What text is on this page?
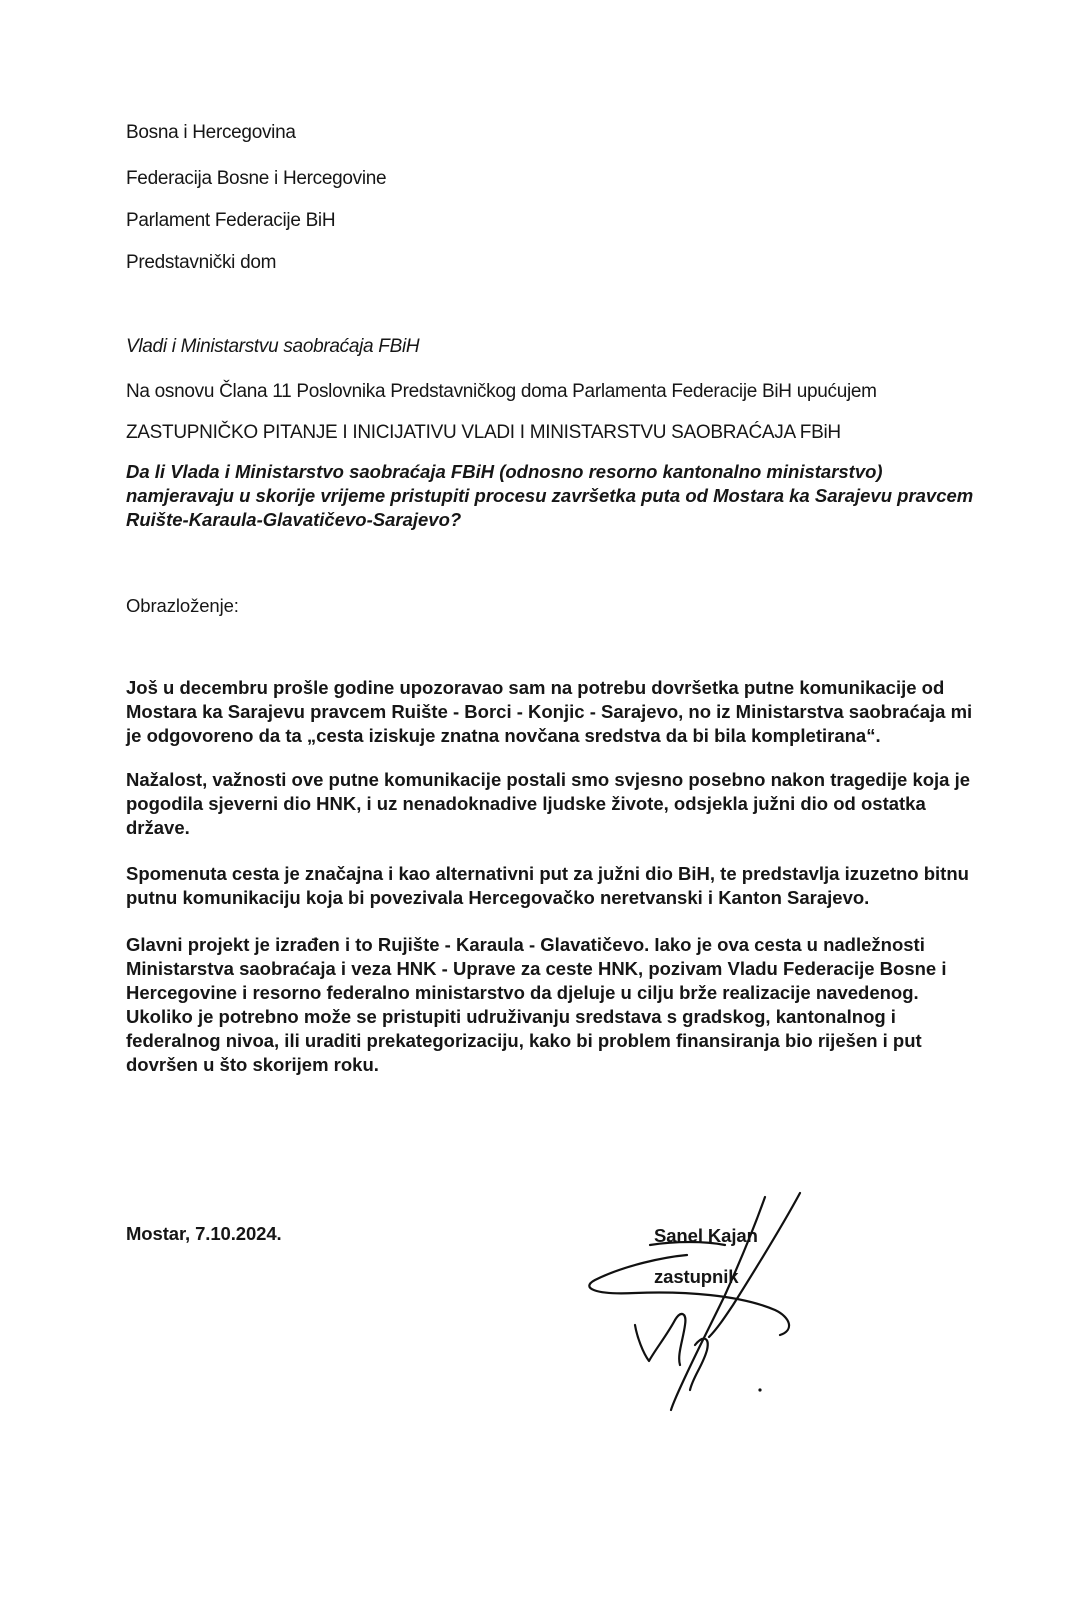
Bosna i Hercegovina
Federacija Bosne i Hercegovine
Parlament Federacije BiH
Predstavnički dom
Vladi i Ministarstvu saobraćaja FBiH
Na osnovu Člana 11 Poslovnika Predstavničkog doma Parlamenta Federacije BiH upućujem
ZASTUPNIČKO PITANJE I INICIJATIVU VLADI I MINISTARSTVU SAOBRAĆAJA FBiH
Da li Vlada i Ministarstvo saobraćaja FBiH (odnosno resorno kantonalno ministarstvo)
namjeravaju u skorije vrijeme pristupiti procesu završetka puta od Mostara ka Sarajevu pravcem
Ruište-Karaula-Glavatičevo-Sarajevo?
Obrazloženje:
Još u decembru prošle godine upozoravao sam na potrebu dovršetka putne komunikacije od
Mostara ka Sarajevu pravcem Ruište - Borci - Konjic - Sarajevo, no iz Ministarstva saobraćaja mi
je odgovoreno da ta „cesta iziskuje znatna novčana sredstva da bi bila kompletirana“.
Nažalost, važnosti ove putne komunikacije postali smo svjesno posebno nakon tragedije koja je
pogodila sjeverni dio HNK, i uz nenadoknadive ljudske živote, odsjekla južni dio od ostatka
države.
Spomenuta cesta je značajna i kao alternativni put za južni dio BiH, te predstavlja izuzetno bitnu
putnu komunikaciju koja bi povezivala Hercegovačko neretvanski i Kanton Sarajevo.
Glavni projekt je izrađen i to Rujište - Karaula - Glavatičevo. Iako je ova cesta u nadležnosti
Ministarstva saobraćaja i veza HNK - Uprave za ceste HNK, pozivam Vladu Federacije Bosne i
Hercegovine i resorno federalno ministarstvo da djeluje u cilju brže realizacije navedenog.
Ukoliko je potrebno može se pristupiti udruživanju sredstava s gradskog, kantonalnog i
federalnog nivoa, ili uraditi prekategorizaciju, kako bi problem finansiranja bio riješen i put
dovršen u što skorijem roku.
Mostar, 7.10.2024.	Sanel Kajan
zastupnik
